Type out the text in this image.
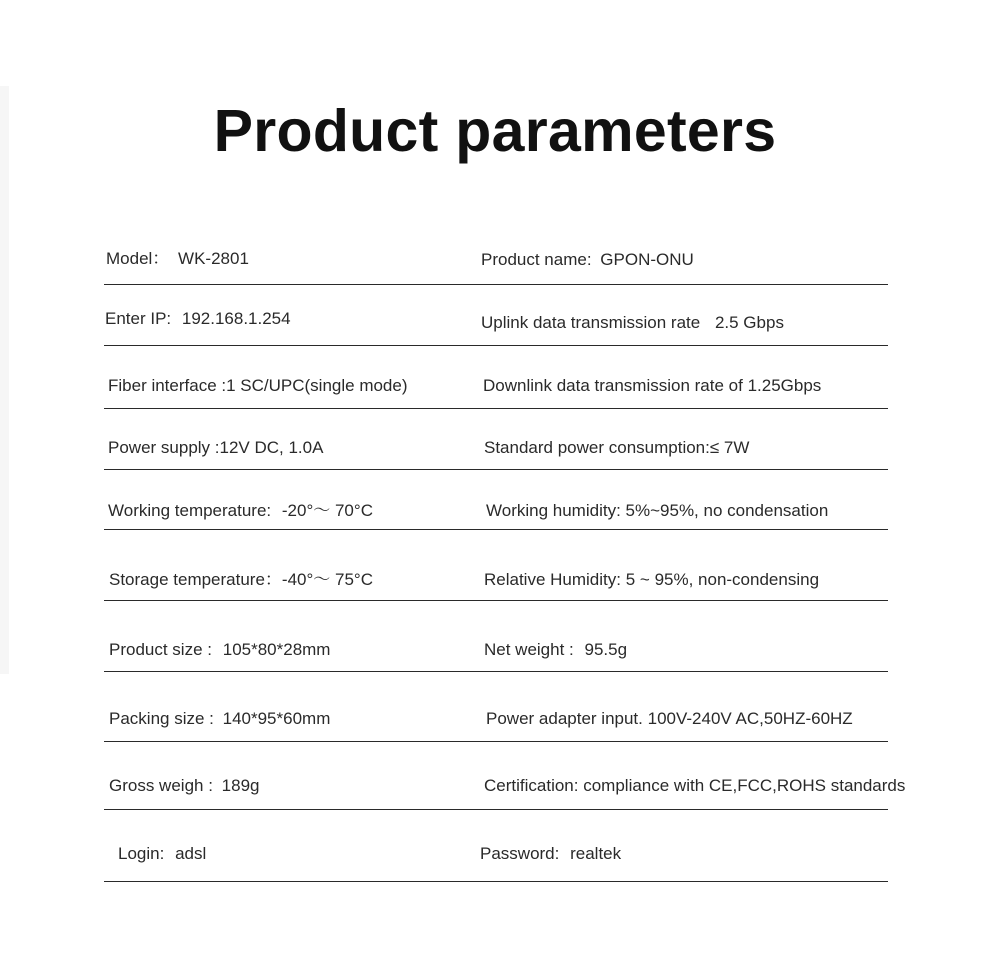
Product parameters
Model： WK-2801	Product name: GPON-ONU
Enter IP: 192.168.1.254	Uplink data transmission rate 2.5 Gbps
Fiber interface :1 SC/UPC(single mode)	Downlink data transmission rate of 1.25Gbps
Power supply :12V DC, 1.0A	Standard power consumption:≤ 7W
Working temperature: -20°～ 70°C	Working humidity: 5%~95%, no condensation
Storage temperature：-40°～ 75°C	Relative Humidity: 5 ~ 95%, non-condensing
Product size : 105*80*28mm	Net weight : 95.5g
Packing size : 140*95*60mm	Power adapter input. 100V-240V AC,50HZ-60HZ
Gross weigh : 189g	Certification: compliance with CE,FCC,ROHS standards
Login: adsl	Password: realtek
